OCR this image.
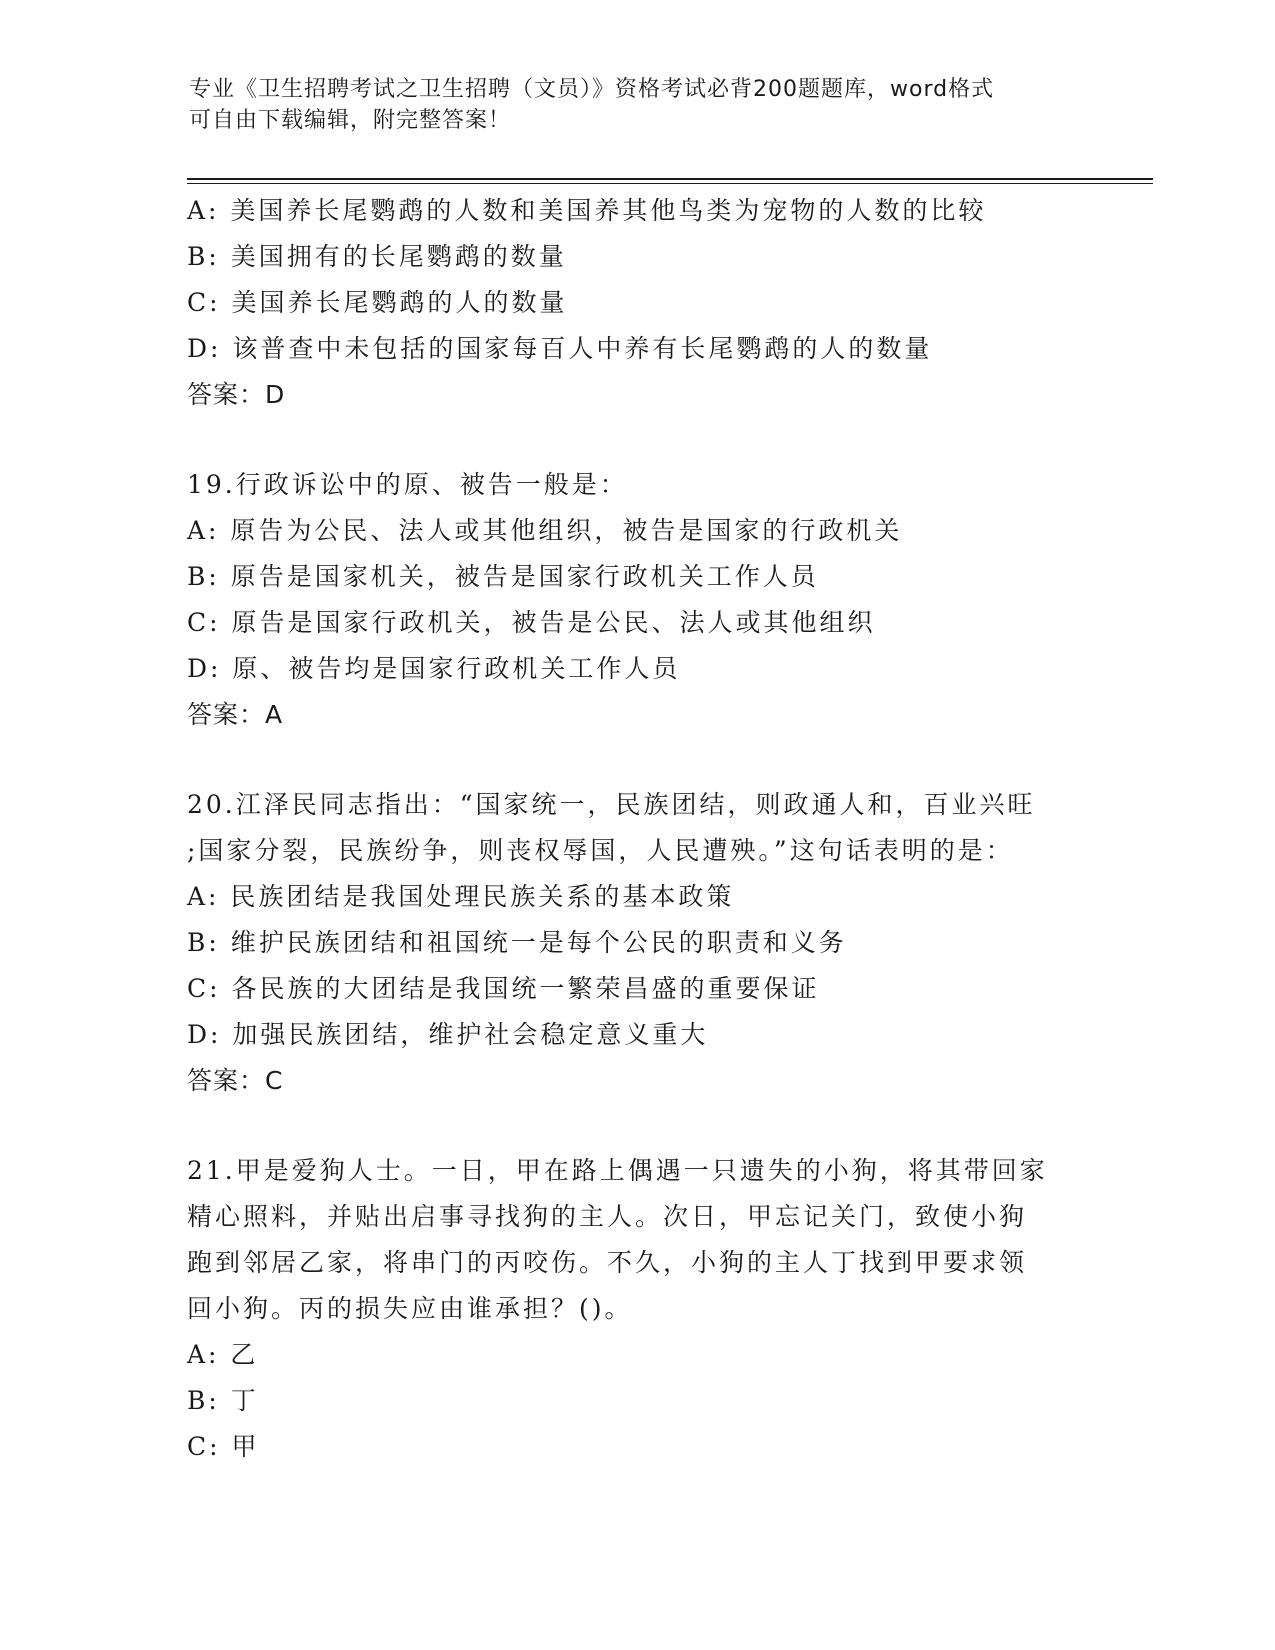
专业《卫生招聘考试之卫生招聘（文员）》资格考试必背200题题库，word格式
可自由下载编辑，附完整答案！
A: 美国养长尾鹦鹉的人数和美国养其他鸟类为宠物的人数的比较
B: 美国拥有的长尾鹦鹉的数量
C: 美国养长尾鹦鹉的人的数量
D: 该普查中未包括的国家每百人中养有长尾鹦鹉的人的数量
答案：D
19.行政诉讼中的原、被告一般是：
A: 原告为公民、法人或其他组织，被告是国家的行政机关
B: 原告是国家机关，被告是国家行政机关工作人员
C: 原告是国家行政机关，被告是公民、法人或其他组织
D: 原、被告均是国家行政机关工作人员
答案：A
20.江泽民同志指出：“国家统一，民族团结，则政通人和，百业兴旺
;国家分裂，民族纷争，则丧权辱国，人民遭殃。”这句话表明的是：
A: 民族团结是我国处理民族关系的基本政策
B: 维护民族团结和祖国统一是每个公民的职责和义务
C: 各民族的大团结是我国统一繁荣昌盛的重要保证
D: 加强民族团结，维护社会稳定意义重大
答案：C
21.甲是爱狗人士。一日，甲在路上偶遇一只遗失的小狗，将其带回家
精心照料，并贴出启事寻找狗的主人。次日，甲忘记关门，致使小狗
跑到邻居乙家，将串门的丙咬伤。不久，小狗的主人丁找到甲要求领
回小狗。丙的损失应由谁承担？()。
A: 乙
B: 丁
C: 甲
